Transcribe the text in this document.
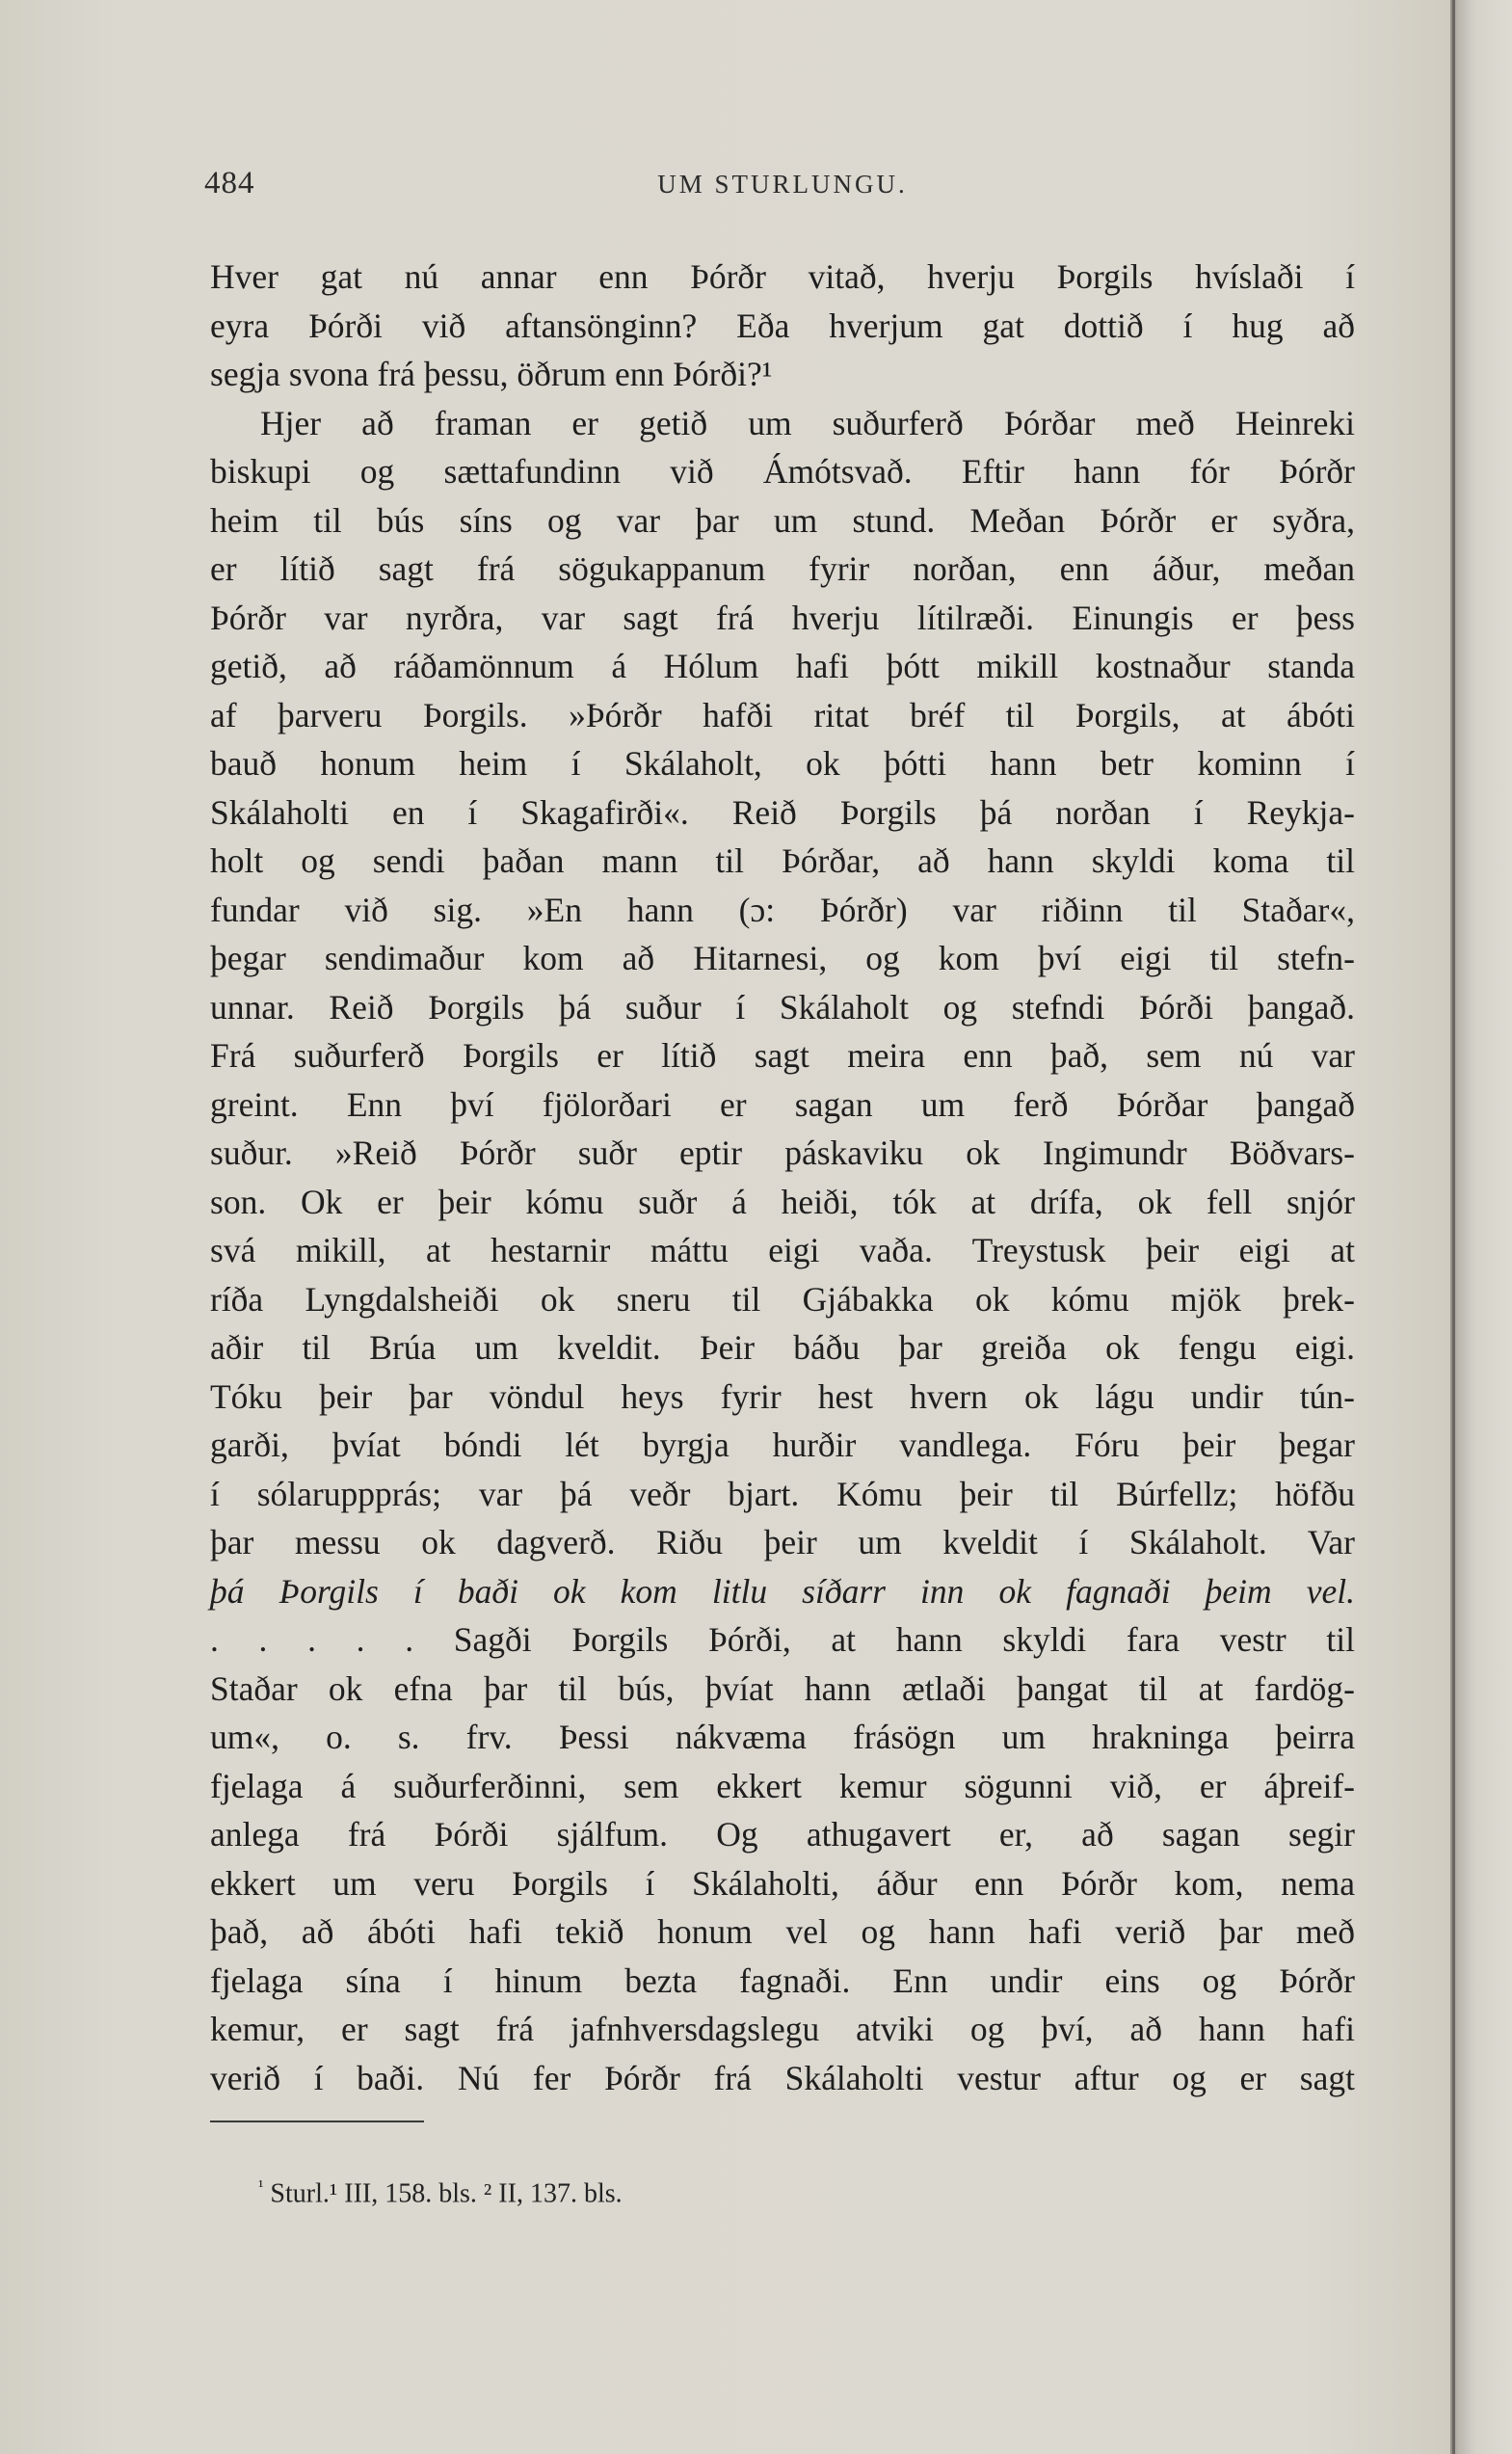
484	UM STURLUNGU.
Hver gat nú annar enn Þórðr vitað, hverju Þorgils hvíslaði í
eyra Þórði við aftansönginn? Eða hverjum gat dottið í hug að
segja svona frá þessu, öðrum enn Þórði?¹
Hjer að framan er getið um suðurferð Þórðar með Heinreki
biskupi og sættafundinn við Ámótsvað. Eftir hann fór Þórðr
heim til bús síns og var þar um stund. Meðan Þórðr er syðra,
er lítið sagt frá sögukappanum fyrir norðan, enn áður, meðan
Þórðr var nyrðra, var sagt frá hverju lítilræði. Einungis er þess
getið, að ráðamönnum á Hólum hafi þótt mikill kostnaður standa
af þarveru Þorgils. »Þórðr hafði ritat bréf til Þorgils, at ábóti
bauð honum heim í Skálaholt, ok þótti hann betr kominn í
Skálaholti en í Skagafirði«. Reið Þorgils þá norðan í Reykja-
holt og sendi þaðan mann til Þórðar, að hann skyldi koma til
fundar við sig. »En hann (ɔ: Þórðr) var riðinn til Staðar«,
þegar sendimaður kom að Hitarnesi, og kom því eigi til stefn-
unnar. Reið Þorgils þá suður í Skálaholt og stefndi Þórði þangað.
Frá suðurferð Þorgils er lítið sagt meira enn það, sem nú var
greint. Enn því fjölorðari er sagan um ferð Þórðar þangað
suður. »Reið Þórðr suðr eptir páskaviku ok Ingimundr Böðvars-
son. Ok er þeir kómu suðr á heiði, tók at drífa, ok fell snjór
svá mikill, at hestarnir máttu eigi vaða. Treystusk þeir eigi at
ríða Lyngdalsheiði ok sneru til Gjábakka ok kómu mjök þrek-
aðir til Brúa um kveldit. Þeir báðu þar greiða ok fengu eigi.
Tóku þeir þar vöndul heys fyrir hest hvern ok lágu undir tún-
garði, þvíat bóndi lét byrgja hurðir vandlega. Fóru þeir þegar
í sólaruppprás; var þá veðr bjart. Kómu þeir til Búrfellz; höfðu
þar messu ok dagverð. Riðu þeir um kveldit í Skálaholt. Var
þá Þorgils í baði ok kom litlu síðarr inn ok fagnaði þeim vel.
. . . . . Sagði Þorgils Þórði, at hann skyldi fara vestr til
Staðar ok efna þar til bús, þvíat hann ætlaði þangat til at fardög-
um«, o. s. frv. Þessi nákvæma frásögn um hrakninga þeirra
fjelaga á suðurferðinni, sem ekkert kemur sögunni við, er áþreif-
anlega frá Þórði sjálfum. Og athugavert er, að sagan segir
ekkert um veru Þorgils í Skálaholti, áður enn Þórðr kom, nema
það, að ábóti hafi tekið honum vel og hann hafi verið þar með
fjelaga sína í hinum bezta fagnaði. Enn undir eins og Þórðr
kemur, er sagt frá jafnhversdagslegu atviki og því, að hann hafi
verið í baði. Nú fer Þórðr frá Skálaholti vestur aftur og er sagt
$^{^1}$ Sturl.¹ III, 158. bls. ² II, 137. bls.
